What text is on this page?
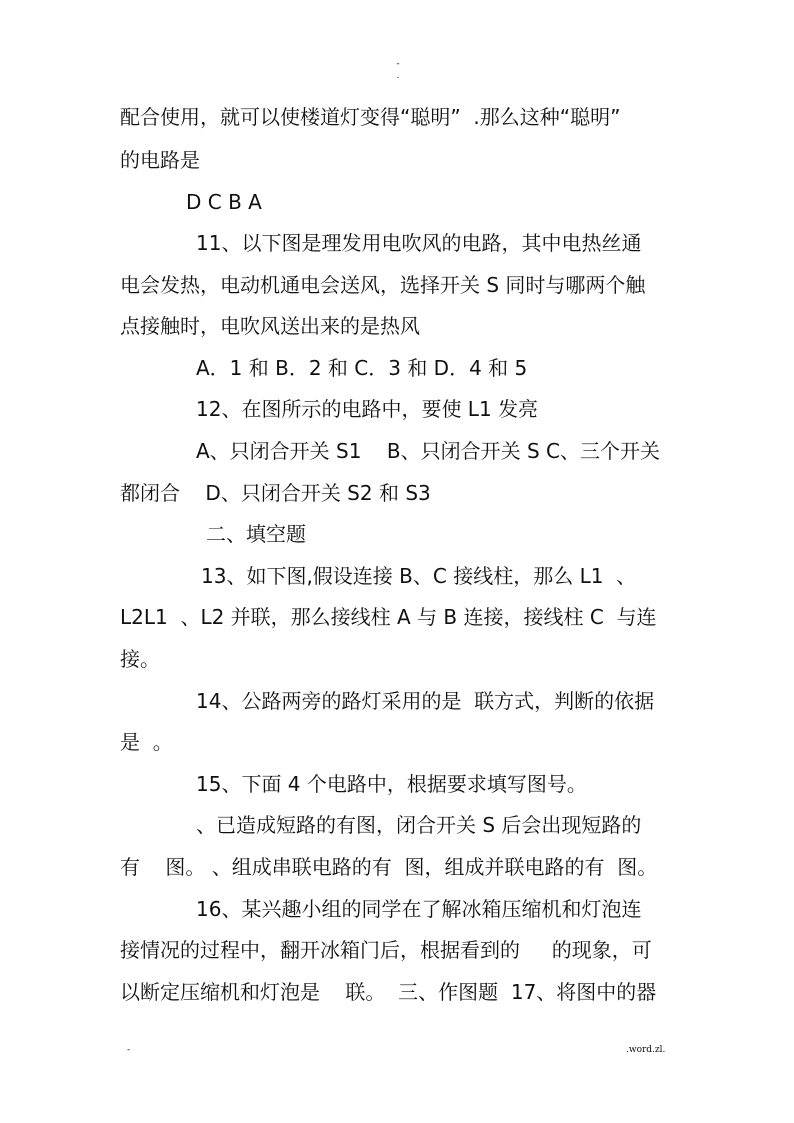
-
.
配合使用，就可以使楼道灯变得“聪明”  .那么这种“聪明”
的电路是
D C B A
11、以下图是理发用电吹风的电路，其中电热丝通
电会发热，电动机通电会送风，选择开关 S 同时与哪两个触
点接触时，电吹风送出来的是热风
A．1 和 B．2 和 C．3 和 D．4 和 5
12、在图所示的电路中，要使 L1 发亮
A、只闭合开关 S1    B、只闭合开关 S C、三个开关
都闭合    D、只闭合开关 S2 和 S3
二、填空题
13、如下图,假设连接 B、C 接线柱，那么 L1  、
L2L1  、L2 并联，那么接线柱 A 与 B 连接，接线柱 C  与连
接。
14、公路两旁的路灯采用的是  联方式，判断的依据
是  。
15、下面 4 个电路中，根据要求填写图号。
、已造成短路的有图，闭合开关 S 后会出现短路的
有    图。 、组成串联电路的有  图，组成并联电路的有  图。
16、某兴趣小组的同学在了解冰箱压缩机和灯泡连
接情况的过程中，翻开冰箱门后，根据看到的     的现象，可
以断定压缩机和灯泡是    联。  三、作图题  17、将图中的器
-	.word.zl.
